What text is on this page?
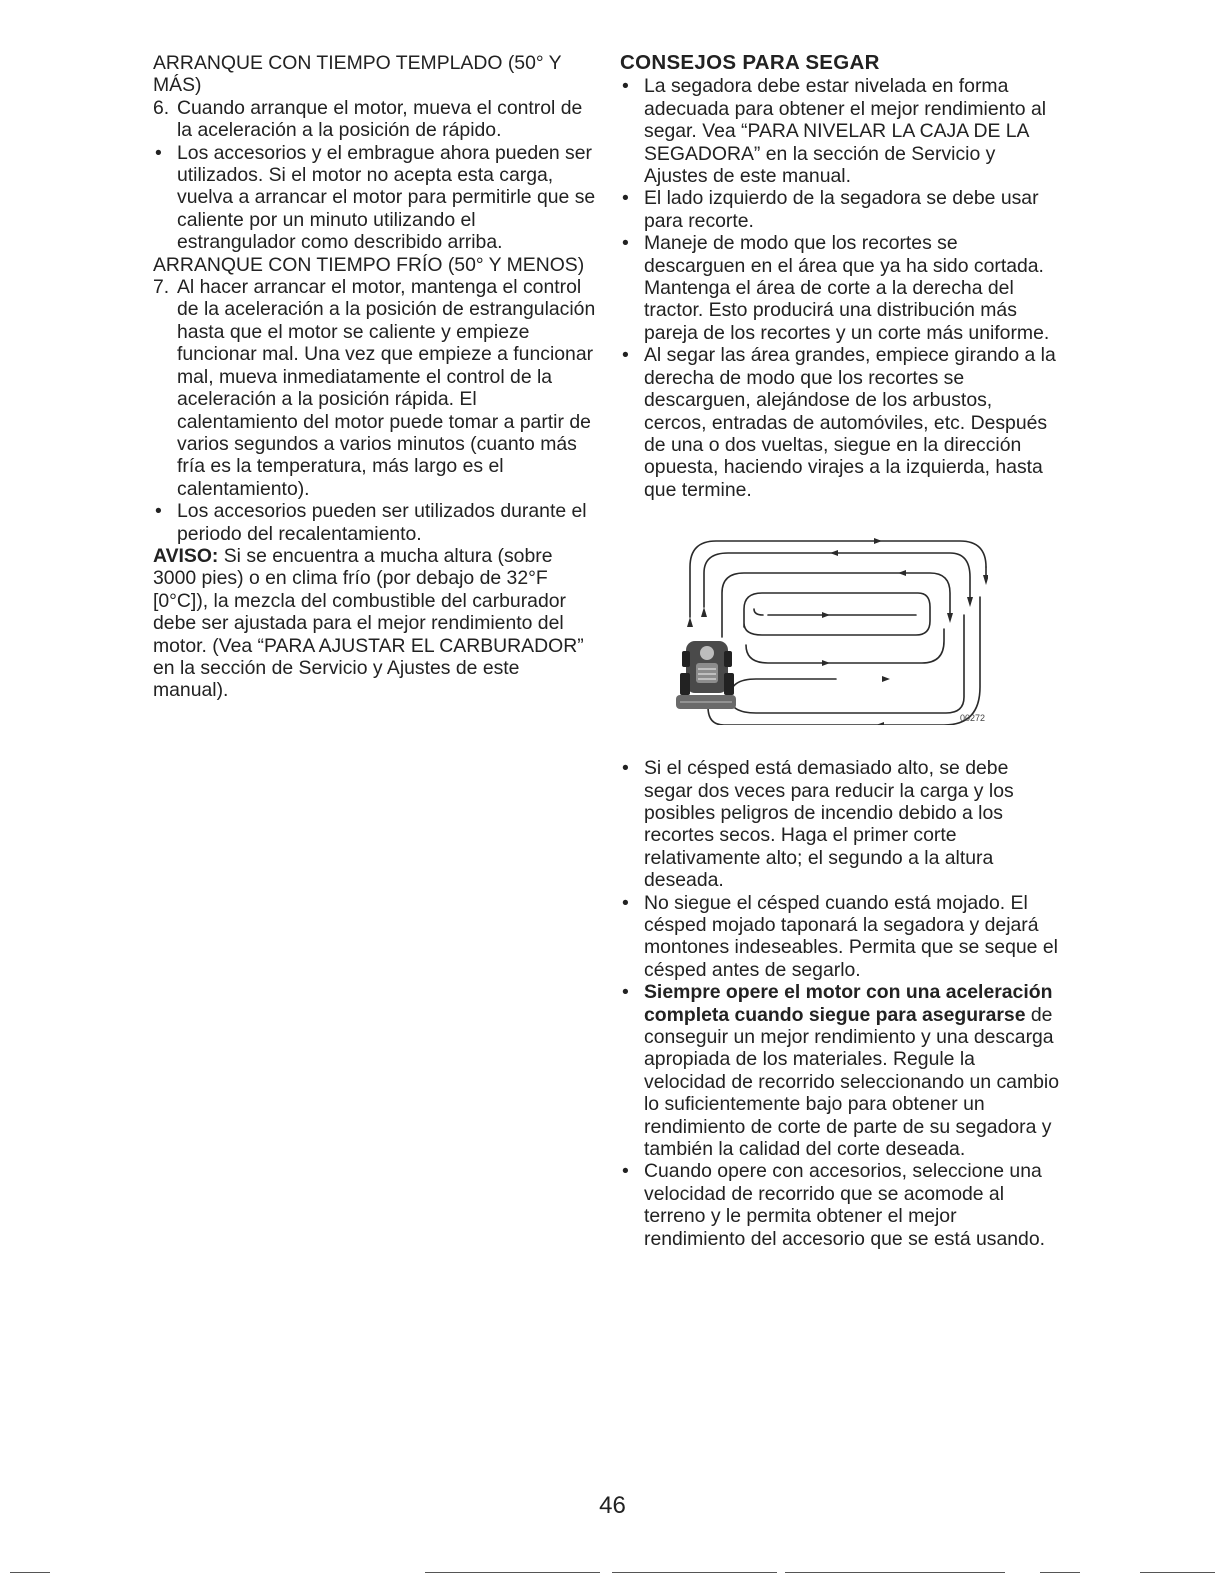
ARRANQUE CON TIEMPO TEMPLADO (50° Y MÁS)

6. Cuando arranque el motor, mueva el control de la aceleración a la posición de rápido.

• Los accesorios y el embrague ahora pueden ser utilizados. Si el motor no acepta esta carga, vuelva a arrancar el motor para permitirle que se caliente por un minuto utilizando el estrangulador como describido arriba.

ARRANQUE CON TIEMPO FRÍO (50° Y MENOS)

7. Al hacer arrancar el motor, mantenga el control de la aceleración a la posición de estrangulación hasta que el motor se caliente y empieze funcionar mal. Una vez que empieze a funcionar mal, mueva inmediatamente el control de la aceleración a la posición rápida. El calentamiento del motor puede tomar a partir de varios segundos a varios minutos (cuanto más fría es la temperatura, más largo es el calentamiento).

• Los accesorios pueden ser utilizados durante el periodo del recalentamiento.

AVISO: Si se encuentra a mucha altura (sobre 3000 pies) o en clima frío (por debajo de 32°F [0°C]), la mezcla del combustible del carburador debe ser ajustada para el mejor rendimiento del motor. (Vea “PARA AJUSTAR EL CARBURADOR” en la sección de Servicio y Ajustes de este manual).

CONSEJOS PARA SEGAR

• La segadora debe estar nivelada en forma adecuada para obtener el mejor rendimiento al segar. Vea “PARA NIVELAR LA CAJA DE LA SEGADORA” en la sección de Servicio y Ajustes de este manual.

• El lado izquierdo de la segadora se debe usar para recorte.

• Maneje de modo que los recortes se descarguen en el área que ya ha sido cortada. Mantenga el área de corte a la derecha del tractor. Esto producirá una distribución más pareja de los recortes y un corte más uniforme.

• Al segar las área grandes, empiece girando a la derecha de modo que los recortes se descarguen, alejándose de los arbustos, cercos, entradas de automóviles, etc. Después de una o dos vueltas, siegue en la dirección opuesta, haciendo virajes a la izquierda, hasta que termine.

00272

• Si el césped está demasiado alto, se debe segar dos veces para reducir la carga y los posibles peligros de incendio debido a los recortes secos. Haga el primer corte relativamente alto; el segundo a la altura deseada.

• No siegue el césped cuando está mojado. El césped mojado taponará la segadora y dejará montones indeseables. Permita que se seque el césped antes de segarlo.

• Siempre opere el motor con una aceleración completa cuando siegue para asegurarse de conseguir un mejor rendimiento y una descarga apropiada de los materiales. Regule la velocidad de recorrido seleccionando un cambio lo suficientemente bajo para obtener un rendimiento de corte de parte de su segadora y también la calidad del corte deseada.

• Cuando opere con accesorios, seleccione una velocidad de recorrido que se acomode al terreno y le permita obtener el mejor rendimiento del accesorio que se está usando.

46
